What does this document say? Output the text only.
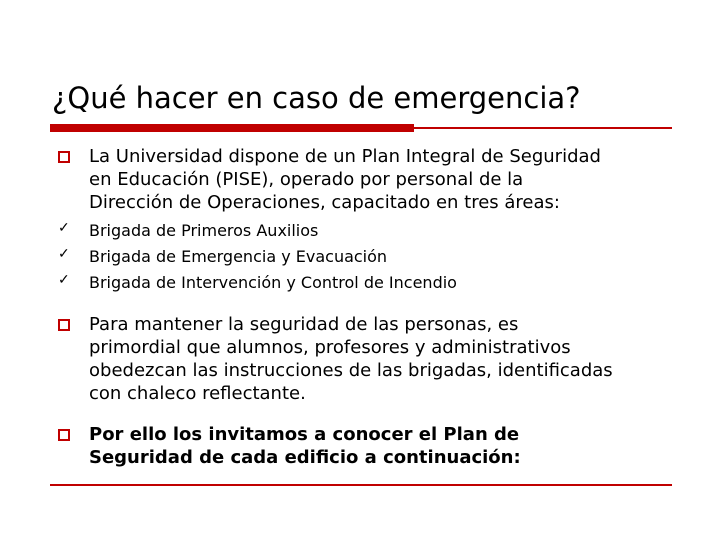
¿Qué hacer en caso de emergencia?

La Universidad dispone de un Plan Integral de Seguridad
en Educación (PISE), operado por personal de la
Dirección de Operaciones, capacitado en tres áreas:

✓ Brigada de Primeros Auxilios
✓ Brigada de Emergencia y Evacuación
✓ Brigada de Intervención y Control de Incendio

Para mantener la seguridad de las personas, es
primordial que alumnos, profesores y administrativos
obedezcan las instrucciones de las brigadas, identificadas
con chaleco reflectante.

Por ello los invitamos a conocer el Plan de
Seguridad de cada edificio a continuación:
